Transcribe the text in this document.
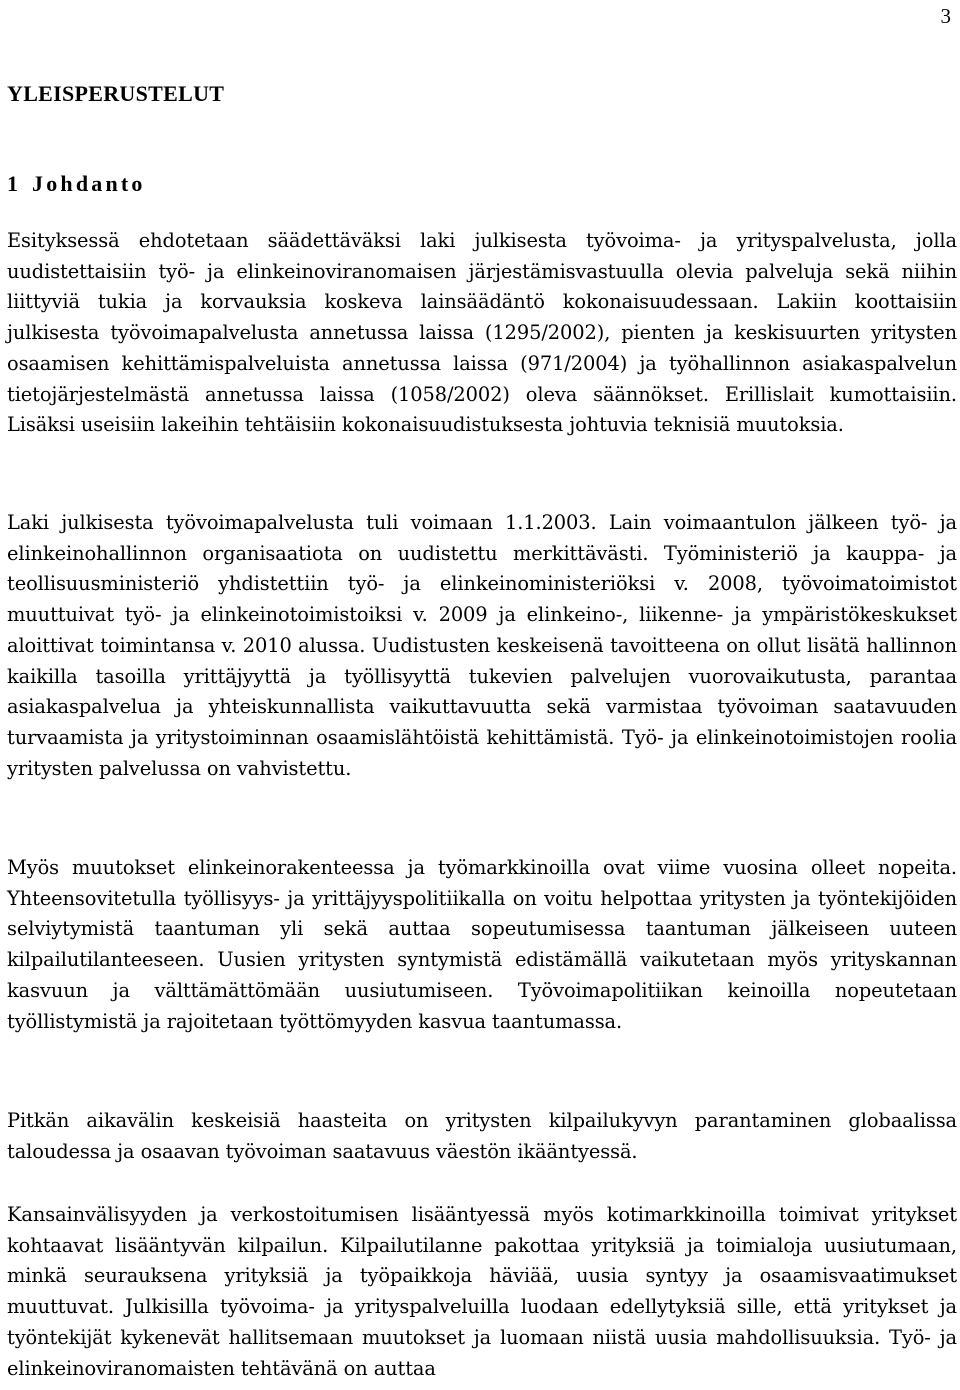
3
YLEISPERUSTELUT
1 Johdanto

Esityksessä ehdotetaan säädettäväksi laki julkisesta työvoima- ja yrityspalvelusta, jolla uudistettaisiin työ- ja elinkeinoviranomaisen järjestämisvastuulla olevia palveluja sekä niihin liittyviä tukia ja korvauksia koskeva lainsäädäntö kokonaisuudessaan. Lakiin koottaisiin julkisesta työvoimapalvelusta annetussa laissa (1295/2002), pienten ja keskisuurten yritysten osaamisen kehittämispalveluista annetussa laissa (971/2004) ja työhallinnon asiakaspalvelun tietojärjestelmästä annetussa laissa (1058/2002) oleva säännökset. Erillislait kumottaisiin. Lisäksi useisiin lakeihin tehtäisiin kokonaisuudistuksesta johtuvia teknisiä muutoksia.

Laki julkisesta työvoimapalvelusta tuli voimaan 1.1.2003. Lain voimaantulon jälkeen työ- ja elinkeinohallinnon organisaatiota on uudistettu merkittävästi. Työministeriö ja kauppa- ja teollisuusministeriö yhdistettiin työ- ja elinkeinoministeriöksi v. 2008, työvoimatoimistot muuttuivat työ- ja elinkeinotoimistoiksi v. 2009 ja elinkeino-, liikenne- ja ympäristökeskukset aloittivat toimintansa v. 2010 alussa. Uudistusten keskeisenä tavoitteena on ollut lisätä hallinnon kaikilla tasoilla yrittäjyyttä ja työllisyyttä tukevien palvelujen vuorovaikutusta, parantaa asiakaspalvelua ja yhteiskunnallista vaikuttavuutta sekä varmistaa työvoiman saatavuuden turvaamista ja yritystoiminnan osaamislähtöistä kehittämistä. Työ- ja elinkeinotoimistojen roolia yritysten palvelussa on vahvistettu.

Myös muutokset elinkeinorakenteessa ja työmarkkinoilla ovat viime vuosina olleet nopeita. Yhteensovitetulla työllisyys- ja yrittäjyyspolitiikalla on voitu helpottaa yritysten ja työntekijöiden selviytymistä taantuman yli sekä auttaa sopeutumisessa taantuman jälkeiseen uuteen kilpailutilanteeseen. Uusien yritysten syntymistä edistämällä vaikutetaan myös yrityskannan kasvuun ja välttämättömään uusiutumiseen. Työvoimapolitiikan keinoilla nopeutetaan työllistymistä ja rajoitetaan työttömyyden kasvua taantumassa.

Pitkän aikavälin keskeisiä haasteita on yritysten kilpailukyvyn parantaminen globaalissa taloudessa ja osaavan työvoiman saatavuus väestön ikääntyessä.

Kansainvälisyyden ja verkostoitumisen lisääntyessä myös kotimarkkinoilla toimivat yritykset kohtaavat lisääntyvän kilpailun. Kilpailutilanne pakottaa yrityksiä ja toimialoja uusiutumaan, minkä seurauksena yrityksiä ja työpaikkoja häviää, uusia syntyy ja osaamisvaatimukset muuttuvat. Julkisilla työvoima- ja yrityspalveluilla luodaan edellytyksiä sille, että yritykset ja työntekijät kykenevät hallitsemaan muutokset ja luomaan niistä uusia mahdollisuuksia. Työ- ja elinkeinoviranomaisten tehtävänä on auttaa
